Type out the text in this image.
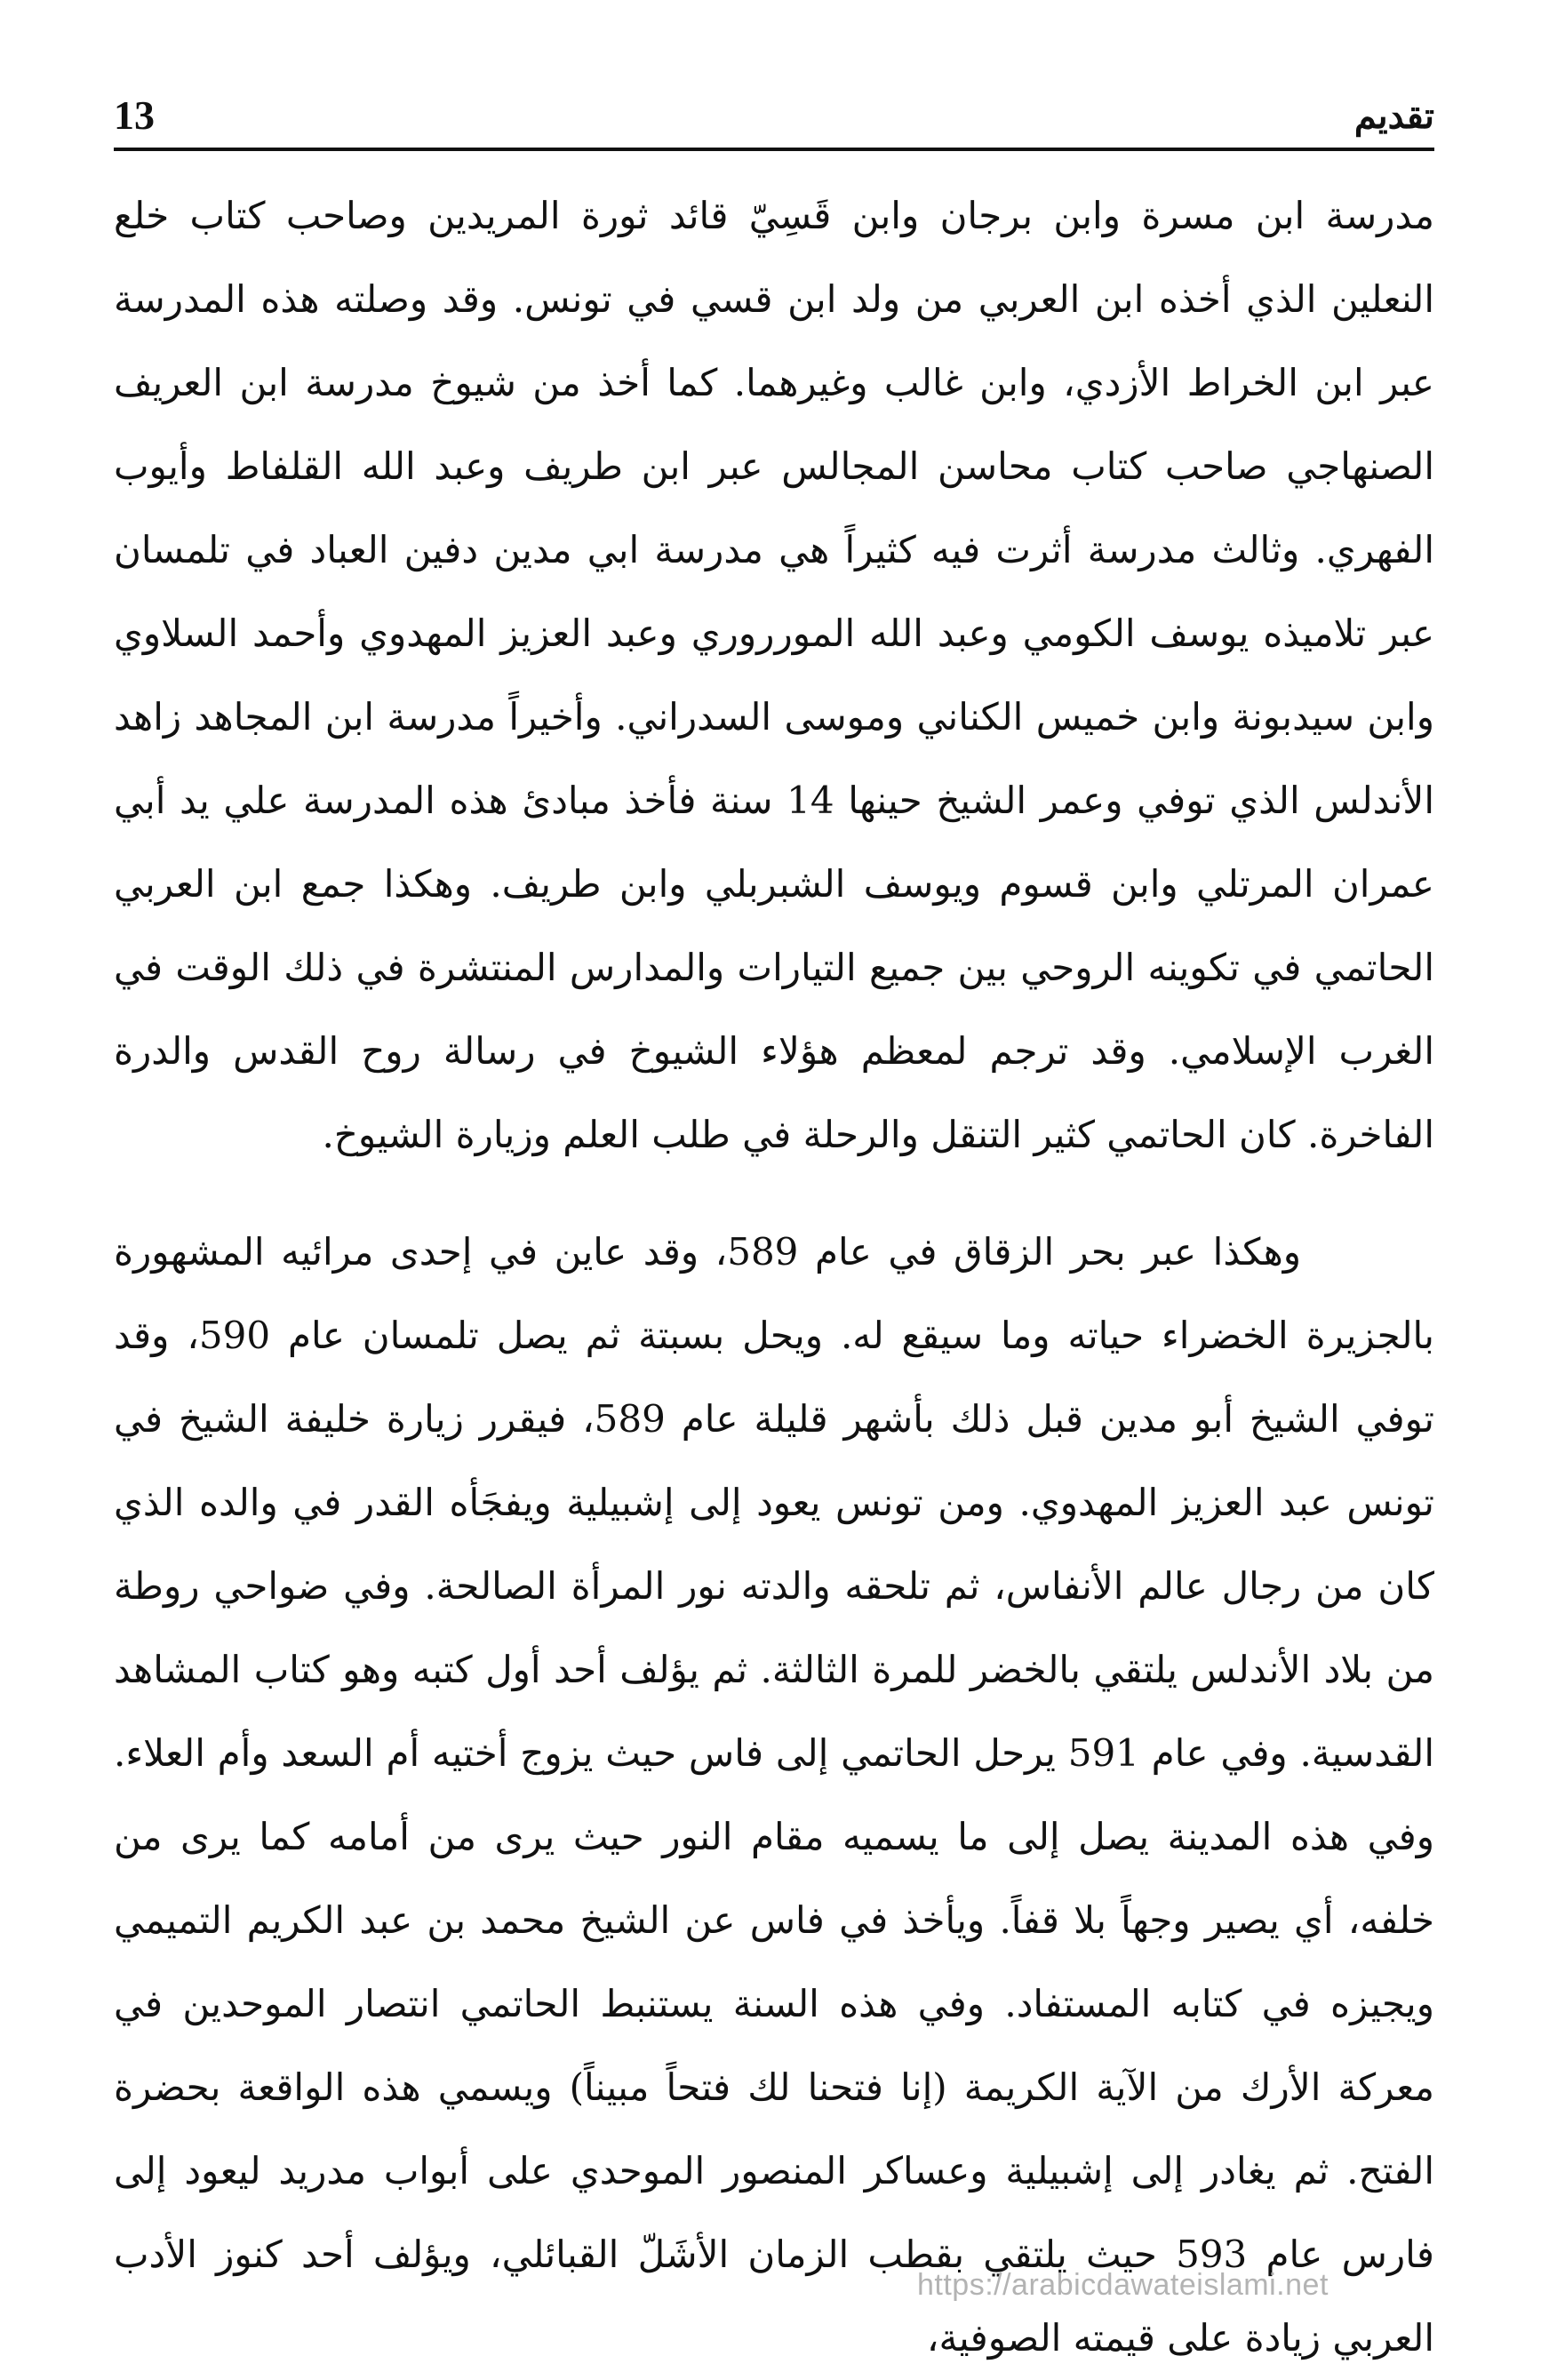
تقديم
13

مدرسة ابن مسرة وابن برجان وابن قَسِيّ قائد ثورة المريدين وصاحب كتاب خلع النعلين الذي أخذه ابن العربي من ولد ابن قسي في تونس. وقد وصلته هذه المدرسة عبر ابن الخراط الأزدي، وابن غالب وغيرهما. كما أخذ من شيوخ مدرسة ابن العريف الصنهاجي صاحب كتاب محاسن المجالس عبر ابن طريف وعبد الله القلفاط وأيوب الفهري. وثالث مدرسة أثرت فيه كثيراً هي مدرسة ابي مدين دفين العباد في تلمسان عبر تلاميذه يوسف الكومي وعبد الله المورروري وعبد العزيز المهدوي وأحمد السلاوي وابن سيدبونة وابن خميس الكناني وموسى السدراني. وأخيراً مدرسة ابن المجاهد زاهد الأندلس الذي توفي وعمر الشيخ حينها 14 سنة فأخذ مبادئ هذه المدرسة علي يد أبي عمران المرتلي وابن قسوم ويوسف الشبربلي وابن طريف. وهكذا جمع ابن العربي الحاتمي في تكوينه الروحي بين جميع التيارات والمدارس المنتشرة في ذلك الوقت في الغرب الإسلامي. وقد ترجم لمعظم هؤلاء الشيوخ في رسالة روح القدس والدرة الفاخرة. كان الحاتمي كثير التنقل والرحلة في طلب العلم وزيارة الشيوخ.

وهكذا عبر بحر الزقاق في عام 589، وقد عاين في إحدى مرائيه المشهورة بالجزيرة الخضراء حياته وما سيقع له. ويحل بسبتة ثم يصل تلمسان عام 590، وقد توفي الشيخ أبو مدين قبل ذلك بأشهر قليلة عام 589، فيقرر زيارة خليفة الشيخ في تونس عبد العزيز المهدوي. ومن تونس يعود إلى إشبيلية ويفجَأه القدر في والده الذي كان من رجال عالم الأنفاس، ثم تلحقه والدته نور المرأة الصالحة. وفي ضواحي روطة من بلاد الأندلس يلتقي بالخضر للمرة الثالثة. ثم يؤلف أحد أول كتبه وهو كتاب المشاهد القدسية. وفي عام 591 يرحل الحاتمي إلى فاس حيث يزوج أختيه أم السعد وأم العلاء. وفي هذه المدينة يصل إلى ما يسميه مقام النور حيث يرى من أمامه كما يرى من خلفه، أي يصير وجهاً بلا قفاً. ويأخذ في فاس عن الشيخ محمد بن عبد الكريم التميمي ويجيزه في كتابه المستفاد. وفي هذه السنة يستنبط الحاتمي انتصار الموحدين في معركة الأرك من الآية الكريمة (إنا فتحنا لك فتحاً مبيناً) ويسمي هذه الواقعة بحضرة الفتح. ثم يغادر إلى إشبيلية وعساكر المنصور الموحدي على أبواب مدريد ليعود إلى فارس عام 593 حيث يلتقي بقطب الزمان الأشَلّ القبائلي، ويؤلف أحد كنوز الأدب العربي زيادة على قيمته الصوفية،

https://arabicdawateislami.net
